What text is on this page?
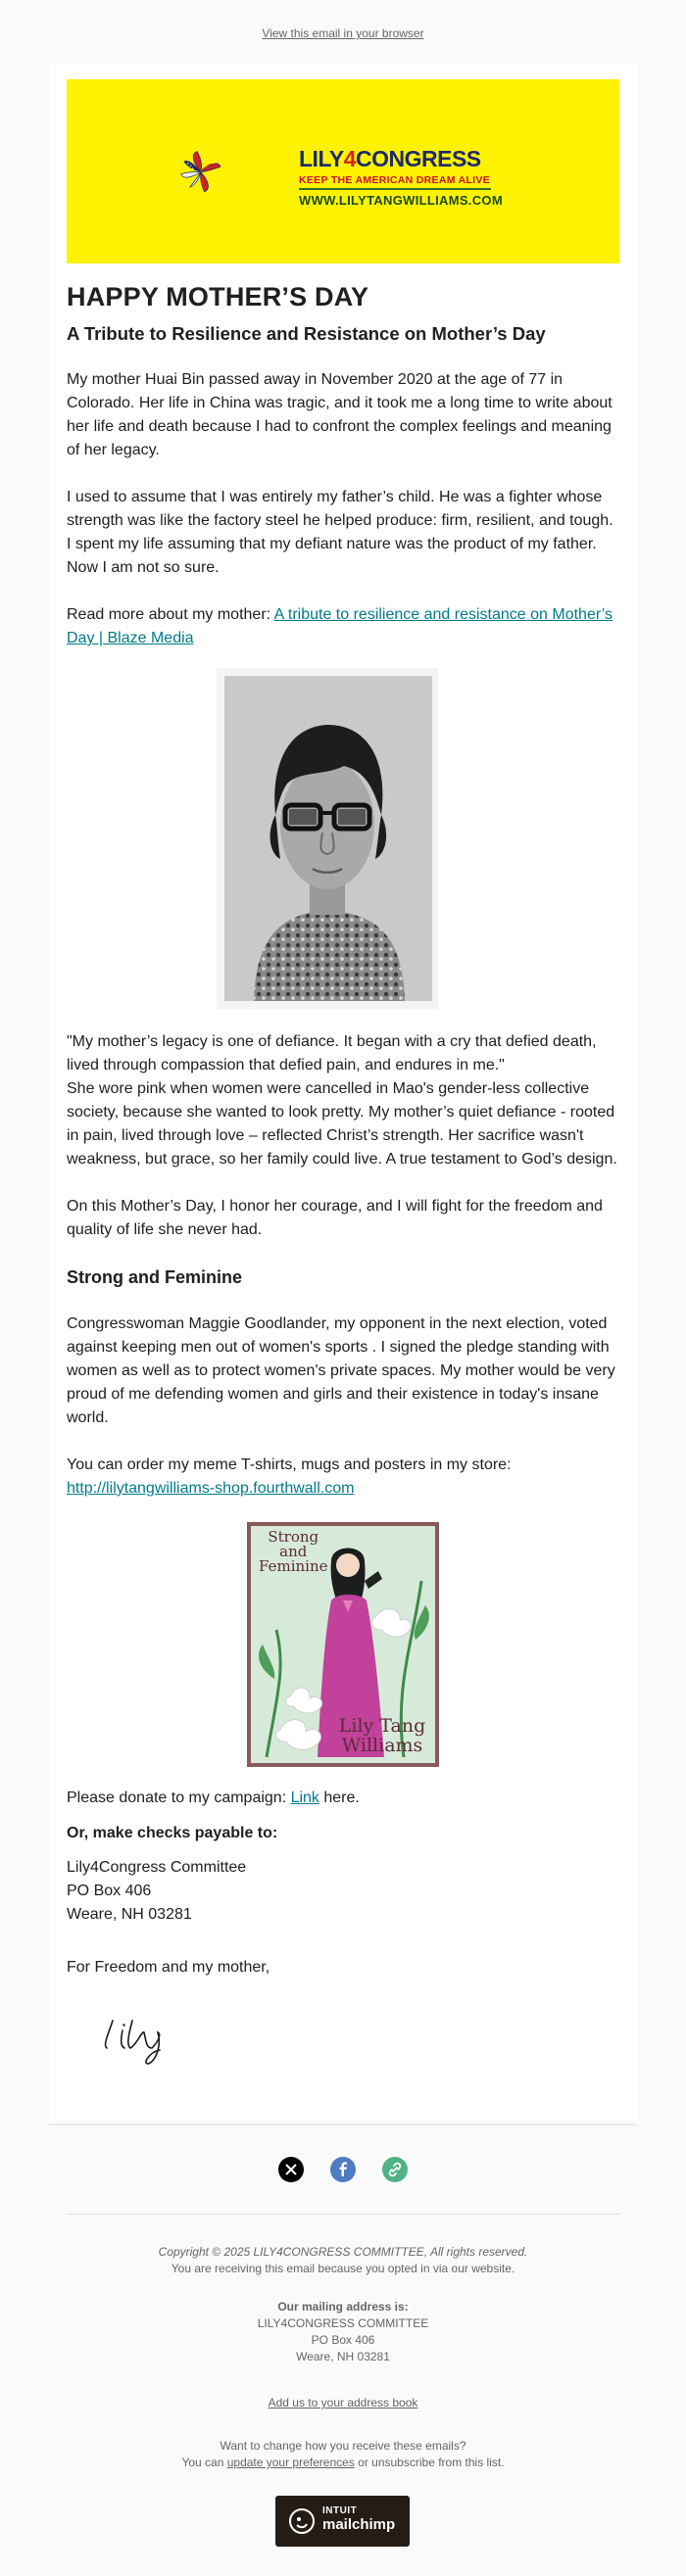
View this email in your browser
LILY4CONGRESS
KEEP THE AMERICAN DREAM ALIVE
WWW.LILYTANGWILLIAMS.COM
HAPPY MOTHER’S DAY
A Tribute to Resilience and Resistance on Mother’s Day
My mother Huai Bin passed away in November 2020 at the age of 77 in Colorado. Her life in China was tragic, and it took me a long time to write about her life and death because I had to confront the complex feelings and meaning of her legacy.
I used to assume that I was entirely my father’s child. He was a fighter whose strength was like the factory steel he helped produce: firm, resilient, and tough. I spent my life assuming that my defiant nature was the product of my father. Now I am not so sure.
Read more about my mother: A tribute to resilience and resistance on Mother’s Day | Blaze Media
"My mother’s legacy is one of defiance. It began with a cry that defied death, lived through compassion that defied pain, and endures in me."
She wore pink when women were cancelled in Mao's gender-less collective society, because she wanted to look pretty. My mother’s quiet defiance - rooted in pain, lived through love – reflected Christ’s strength. Her sacrifice wasn't weakness, but grace, so her family could live. A true testament to God’s design.
On this Mother’s Day, I honor her courage, and I will fight for the freedom and quality of life she never had.
Strong and Feminine
Congresswoman Maggie Goodlander, my opponent in the next election, voted against keeping men out of women's sports . I signed the pledge standing with women as well as to protect women's private spaces. My mother would be very proud of me defending women and girls and their existence in today's insane world.
You can order my meme T-shirts, mugs and posters in my store:
http://lilytangwilliams-shop.fourthwall.com
Strong
and
Feminine
Lily Tang
Williams
Please donate to my campaign: Link here.
Or, make checks payable to:
Lily4Congress Committee
PO Box 406
Weare, NH 03281
For Freedom and my mother,
Copyright © 2025 LILY4CONGRESS COMMITTEE, All rights reserved.
You are receiving this email because you opted in via our website.
Our mailing address is:
LILY4CONGRESS COMMITTEE
PO Box 406
Weare, NH 03281
Add us to your address book
Want to change how you receive these emails?
You can update your preferences or unsubscribe from this list.
INTUIT
mailchimp
